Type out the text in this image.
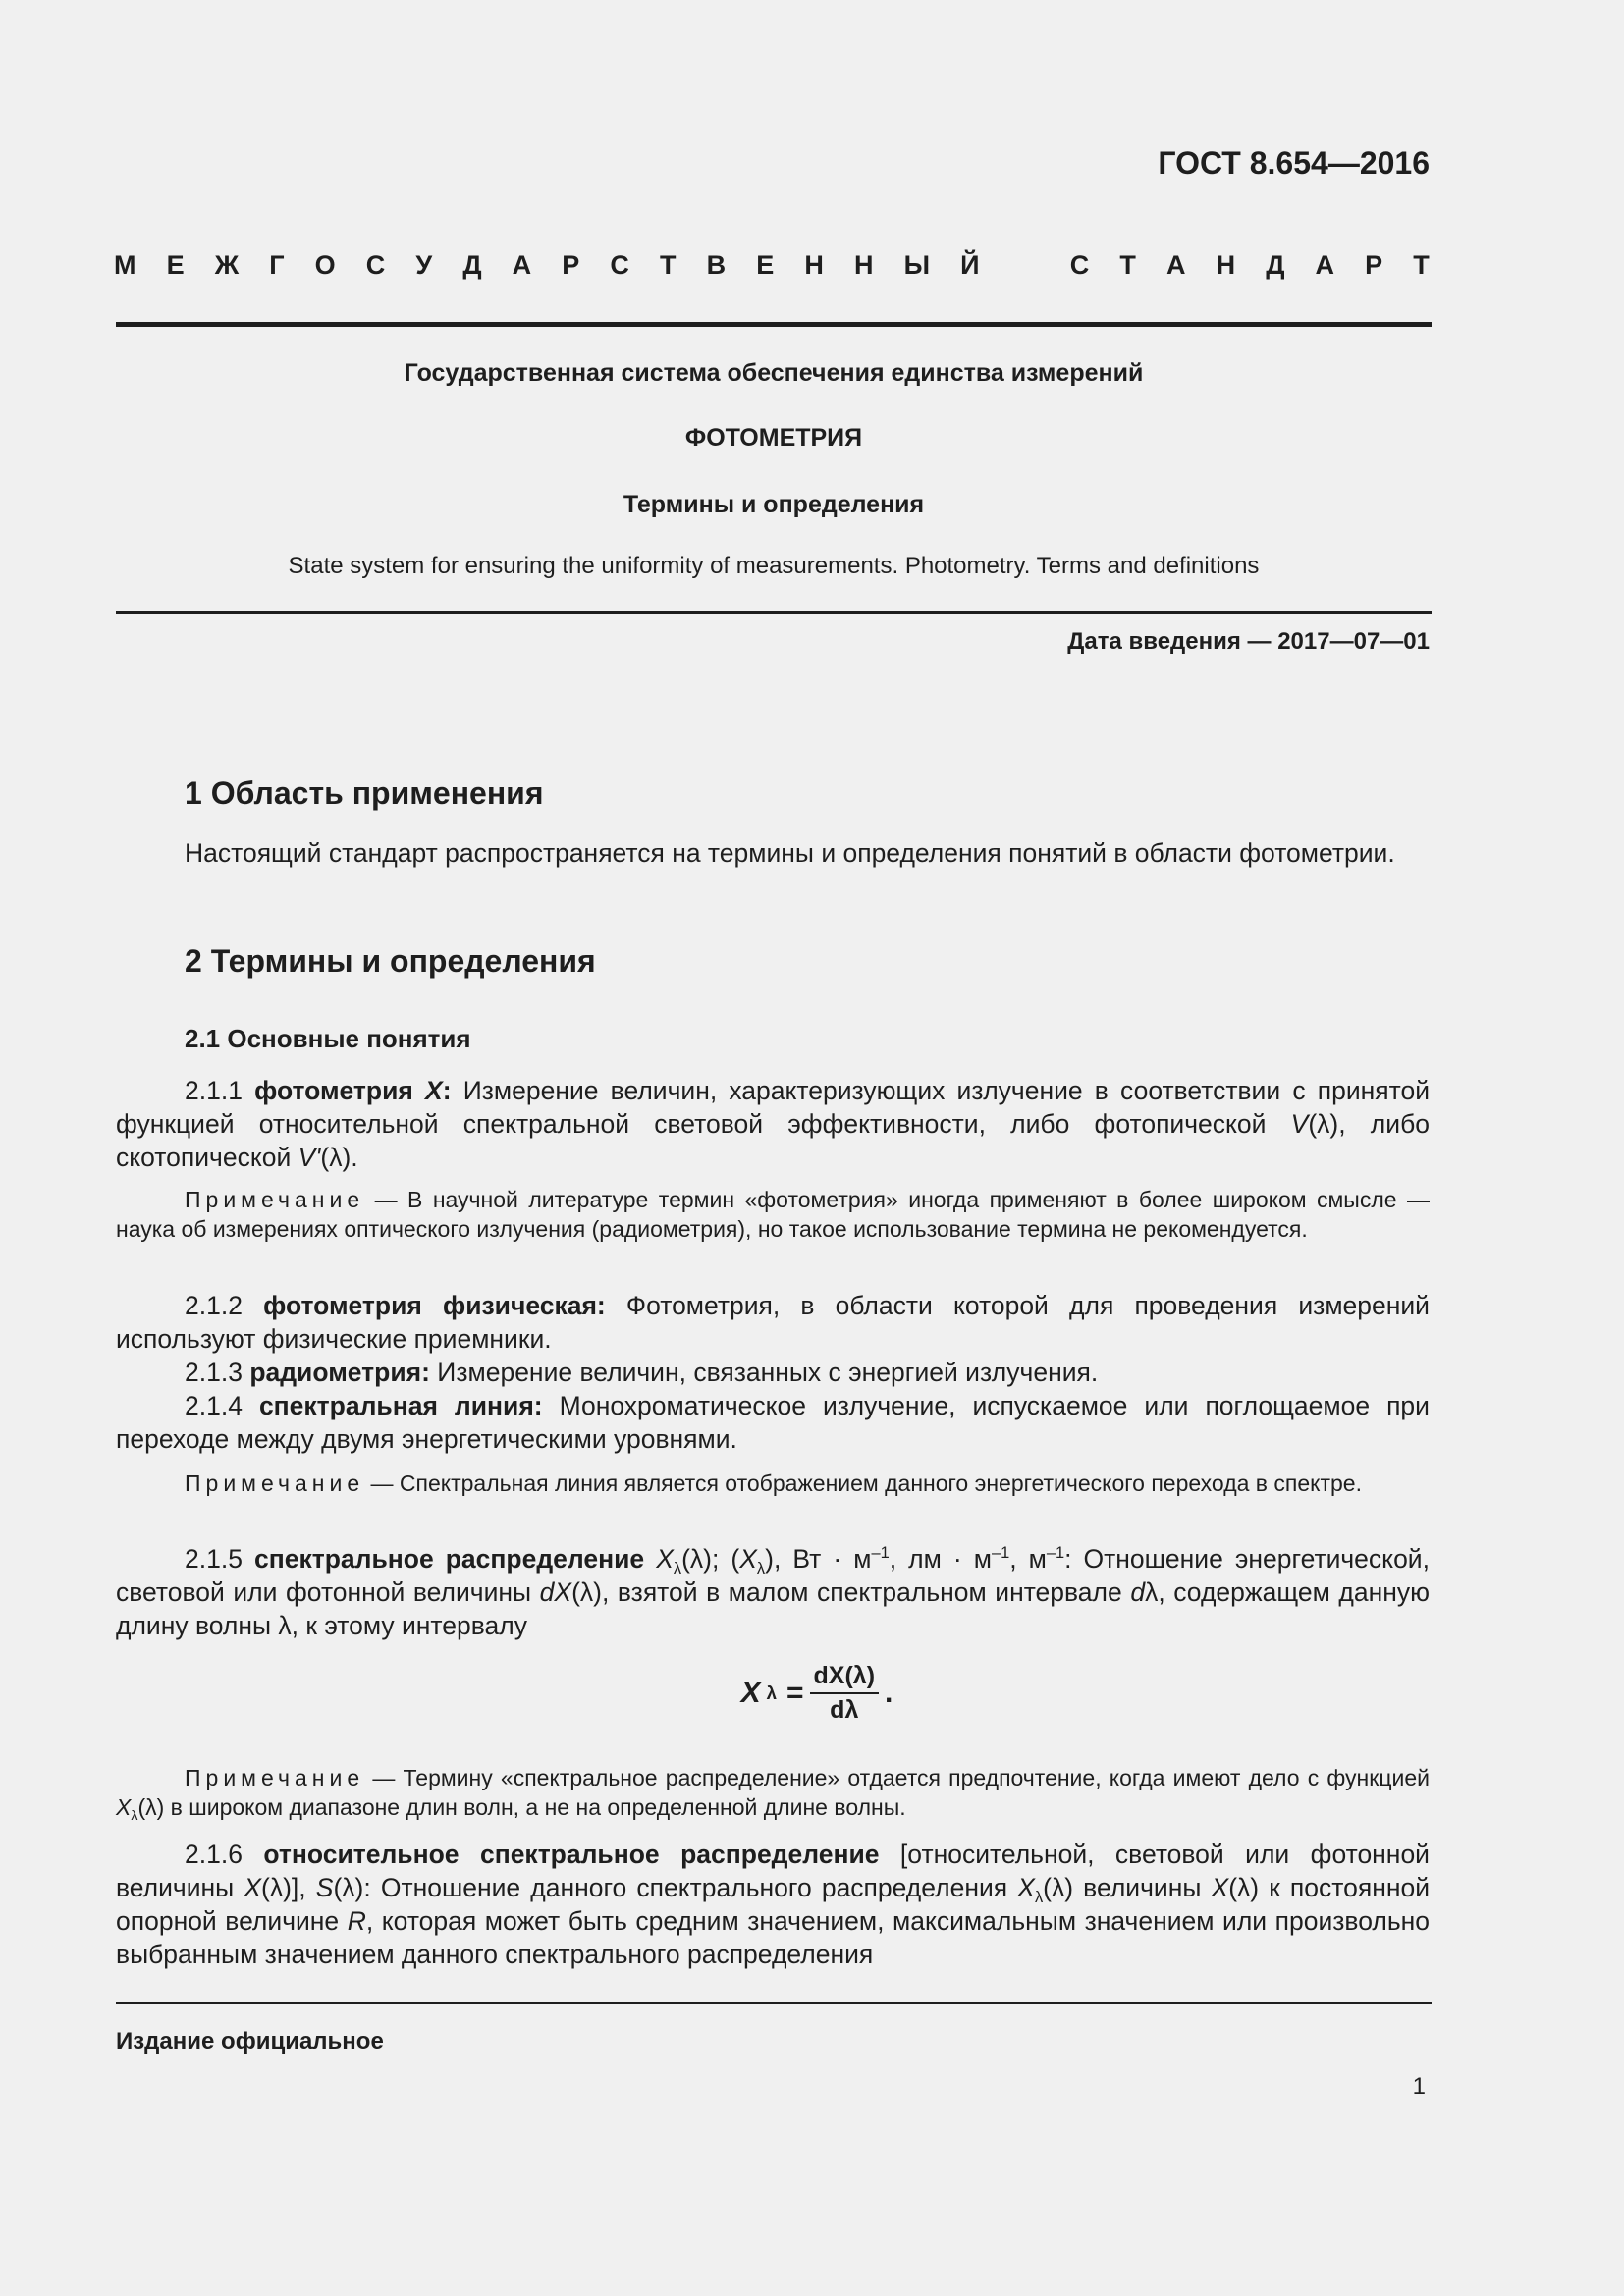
ГОСТ 8.654—2016
М Е Ж Г О С У Д А Р С Т В Е Н Н Ы Й	С Т А Н Д А Р Т
Государственная система обеспечения единства измерений
ФОТОМЕТРИЯ
Термины и определения
State system for ensuring the uniformity of measurements. Photometry. Terms and definitions
Дата введения — 2017—07—01
1 Область применения
Настоящий стандарт распространяется на термины и определения понятий в области фотометрии.
2 Термины и определения
2.1 Основные понятия
2.1.1 фотометрия X: Измерение величин, характеризующих излучение в соответствии с принятой функцией относительной спектральной световой эффективности, либо фотопической V(λ), либо скотопической V'(λ).
Примечание — В научной литературе термин «фотометрия» иногда применяют в более широком смысле — наука об измерениях оптического излучения (радиометрия), но такое использование термина не рекомендуется.
2.1.2 фотометрия физическая: Фотометрия, в области которой для проведения измерений используют физические приемники.
2.1.3 радиометрия: Измерение величин, связанных с энергией излучения.
2.1.4 спектральная линия: Монохроматическое излучение, испускаемое или поглощаемое при переходе между двумя энергетическими уровнями.
Примечание — Спектральная линия является отображением данного энергетического перехода в спектре.
2.1.5 спектральное распределение $X_\lambda(\lambda)$; $(X_\lambda)$, Вт · $м^{-1}$, лм · $м^{-1}$, $м^{-1}$: Отношение энергетической, световой или фотонной величины dX(λ), взятой в малом спектральном интервале dλ, содержащем данную длину волны λ, к этому интервалу
X $\lambda = \frac{dX(\lambda)}{d\lambda}$ .
Примечание — Термину «спектральное распределение» отдается предпочтение, когда имеют дело с функцией $X_\lambda(\lambda)$ в широком диапазоне длин волн, а не на определенной длине волны.
2.1.6 относительное спектральное распределение [относительной, световой или фотонной величины X(λ)], S(λ): Отношение данного спектрального распределения $X_\lambda(\lambda)$ величины X(λ) к постоянной опорной величине R, которая может быть средним значением, максимальным значением или произвольно выбранным значением данного спектрального распределения
Издание официальное
1
